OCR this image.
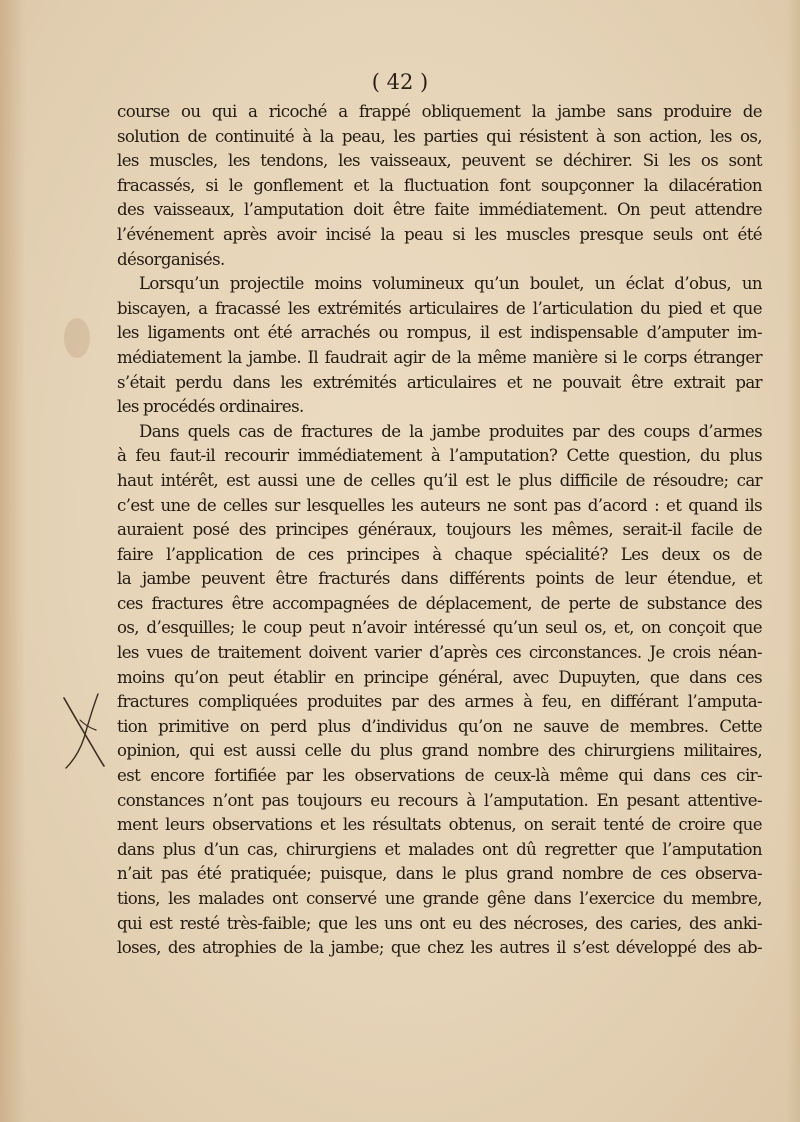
( 42 )
course ou qui a ricoché a frappé obliquement la jambe sans produire de
solution de continuité à la peau, les parties qui résistent à son action, les os,
les muscles, les tendons, les vaisseaux, peuvent se déchirer. Si les os sont
fracassés, si le gonflement et la fluctuation font soupçonner la dilacération
des vaisseaux, l’amputation doit être faite immédiatement. On peut attendre
l’événement après avoir incisé la peau si les muscles presque seuls ont été
désorganisés.
Lorsqu’un projectile moins volumineux qu’un boulet, un éclat d’obus, un
biscayen, a fracassé les extrémités articulaires de l’articulation du pied et que
les ligaments ont été arrachés ou rompus, il est indispensable d’amputer im-
médiatement la jambe. Il faudrait agir de la même manière si le corps étranger
s’était perdu dans les extrémités articulaires et ne pouvait être extrait par
les procédés ordinaires.
Dans quels cas de fractures de la jambe produites par des coups d’armes
à feu faut-il recourir immédiatement à l’amputation? Cette question, du plus
haut intérêt, est aussi une de celles qu’il est le plus difficile de résoudre; car
c’est une de celles sur lesquelles les auteurs ne sont pas d’acord : et quand ils
auraient posé des principes généraux, toujours les mêmes, serait-il facile de
faire l’application de ces principes à chaque spécialité? Les deux os de
la jambe peuvent être fracturés dans différents points de leur étendue, et
ces fractures être accompagnées de déplacement, de perte de substance des
os, d’esquilles; le coup peut n’avoir intéressé qu’un seul os, et, on conçoit que
les vues de traitement doivent varier d’après ces circonstances. Je crois néan-
moins qu’on peut établir en principe général, avec Dupuyten, que dans ces
fractures compliquées produites par des armes à feu, en différant l’amputa-
tion primitive on perd plus d’individus qu’on ne sauve de membres. Cette
opinion, qui est aussi celle du plus grand nombre des chirurgiens militaires,
est encore fortifiée par les observations de ceux-là même qui dans ces cir-
constances n’ont pas toujours eu recours à l’amputation. En pesant attentive-
ment leurs observations et les résultats obtenus, on serait tenté de croire que
dans plus d’un cas, chirurgiens et malades ont dû regretter que l’amputation
n’ait pas été pratiquée; puisque, dans le plus grand nombre de ces observa-
tions, les malades ont conservé une grande gêne dans l’exercice du membre,
qui est resté très-faible; que les uns ont eu des nécroses, des caries, des anki-
loses, des atrophies de la jambe; que chez les autres il s’est développé des ab-
